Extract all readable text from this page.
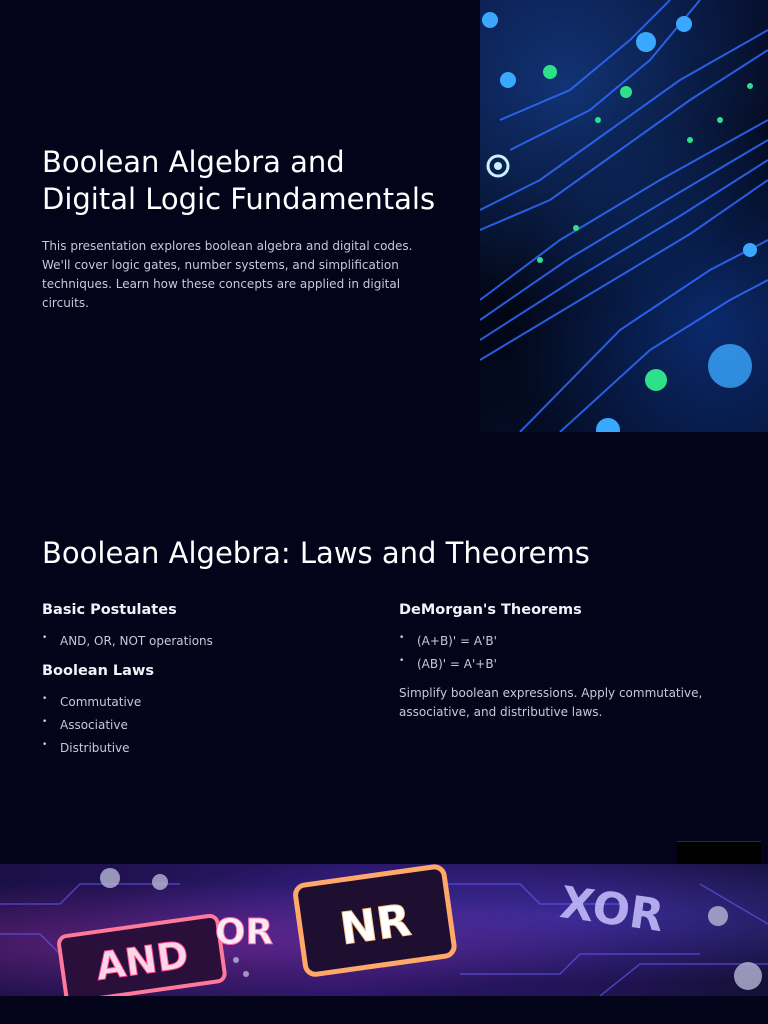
Boolean Algebra and Digital Logic Fundamentals

This presentation explores boolean algebra and digital codes. We'll cover logic gates, number systems, and simplification techniques. Learn how these concepts are applied in digital circuits.

Boolean Algebra: Laws and Theorems
Basic Postulates
• AND, OR, NOT operations
Boolean Laws
• Commutative
• Associative
• Distributive
DeMorgan's Theorems
• (A+B)' = A'B'
• (AB)' = A'+B'

Simplify boolean expressions. Apply commutative, associative, and distributive laws.

AND OR NR	XOR
